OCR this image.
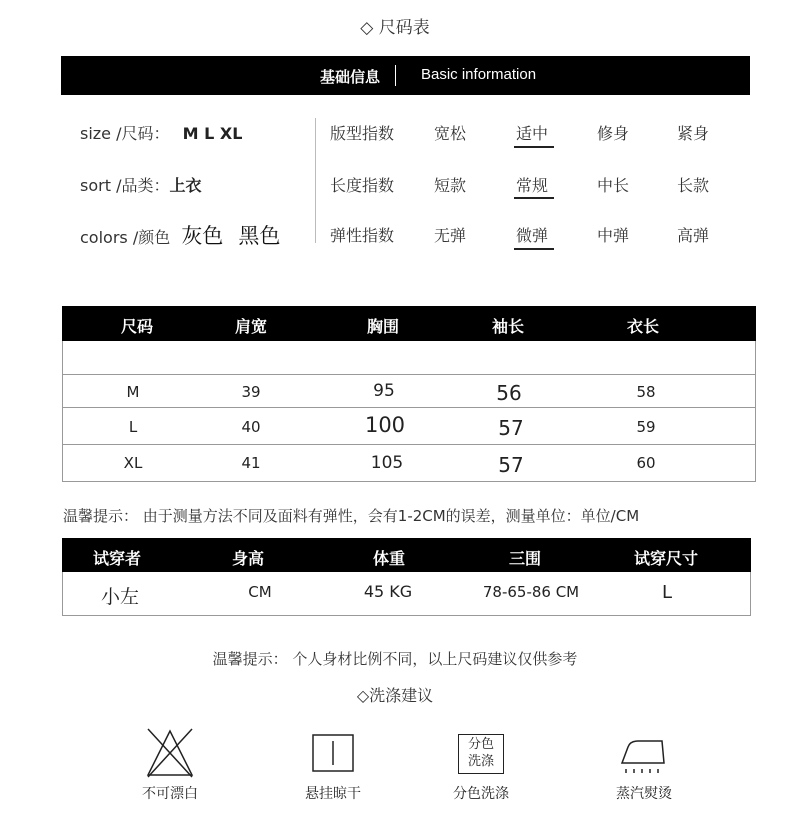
◇ 尺码表
基础信息	Basic information
size /尺码： M L XL
sort /品类：上衣
colors /颜色 灰色 黑色
版型指数 宽松	适中	修身	紧身
长度指数 短款	常规	中长	长款
弹性指数 无弹	微弹	中弹	高弹
尺码	肩宽	胸围	袖长	衣长
M	39	95	56	58
L	40	100	57	59
XL	41	105	57	60
温馨提示： 由于测量方法不同及面料有弹性，会有1-2CM的误差，测量单位：单位/CM
试穿者	身高	体重	三围	试穿尺寸
小左	CM	45 KG	78-65-86 CM	L
温馨提示： 个人身材比例不同，以上尺码建议仅供参考
◇洗涤建议
不可漂白	悬挂晾干
分色
洗涤
分色洗涤	蒸汽熨烫
